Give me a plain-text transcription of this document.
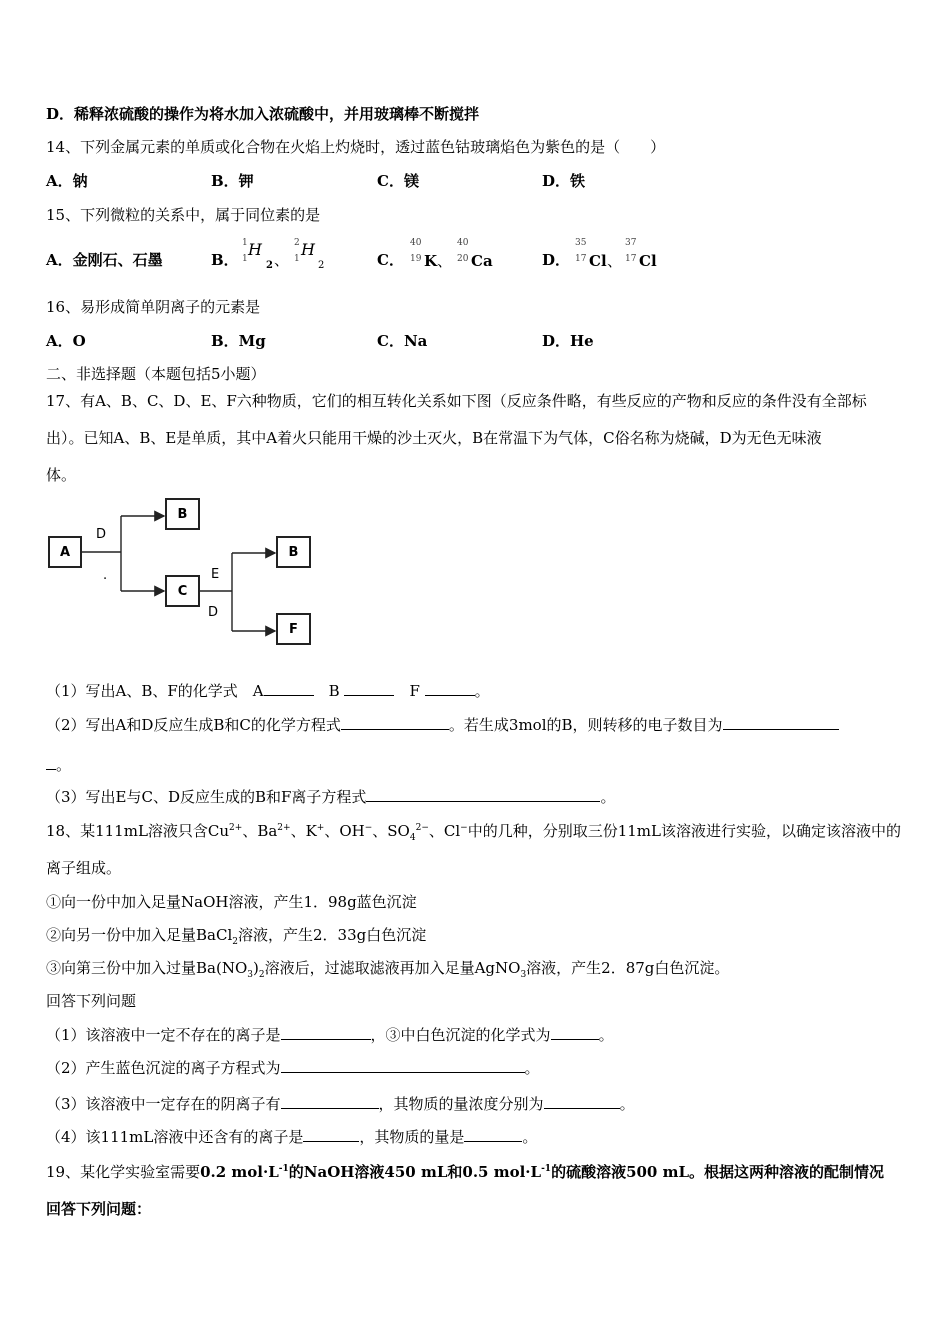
D．稀释浓硫酸的操作为将水加入浓硫酸中，并用玻璃棒不断搅拌
14、下列金属元素的单质或化合物在火焰上灼烧时，透过蓝色钴玻璃焰色为紫色的是（　　）
A．钠	B．钾	C．镁	D．铁
15、下列微粒的关系中，属于同位素的是
A．金刚石、石墨	B．
1
1 H
2 、
2
1 H
2	C．
40
19 K 、
40
20 Ca	D．
35
17 Cl 、
37
17 Cl
16、易形成简单阴离子的元素是
A．O	B．Mg	C．Na	D．He
二、非选择题（本题包括5小题）
17、有A、B、C、D、E、F六种物质，它们的相互转化关系如下图（反应条件略，有些反应的产物和反应的条件没有全部标
出）。已知A、B、E是单质，其中A着火只能用干燥的沙土灭火，B在常温下为气体，C俗名称为烧碱，D为无色无味液
体。
A
B
C
B
F
D
.	E
D
（1）写出A、B、F的化学式　A	　B	　F	。
（2）写出A和D反应生成B和C的化学方程式	。若生成3mol的B，则转移的电子数目为
。
（3）写出E与C、D反应生成的B和F离子方程式	。
18、某111mL溶液只含$Cu^{2+}$、$Ba^{2+}$、K+、OH−、$SO_4^{2-}$、Cl−中的几种，分别取三份11mL该溶液进行实验，以确定该溶液中的
离子组成。
①向一份中加入足量NaOH溶液，产生1．98g蓝色沉淀
②向另一份中加入足量BaCl$_2$溶液，产生2．33g白色沉淀
③向第三份中加入过量$Ba(NO_3)_2$溶液后，过滤取滤液再加入足量AgNO$_3$溶液，产生2．87g白色沉淀。
回答下列问题
（1）该溶液中一定不存在的离子是	，③中白色沉淀的化学式为	。
（2）产生蓝色沉淀的离子方程式为	。
（3）该溶液中一定存在的阴离子有	，其物质的量浓度分别为	。
（4）该111mL溶液中还含有的离子是	，其物质的量是	。
19、某化学实验室需要0.2 $mol\cdot L^{-1}$的NaOH溶液450 mL和0.5 $mol\cdot L^{-1}$的硫酸溶液500 mL。根据这两种溶液的配制情况
回答下列问题：
